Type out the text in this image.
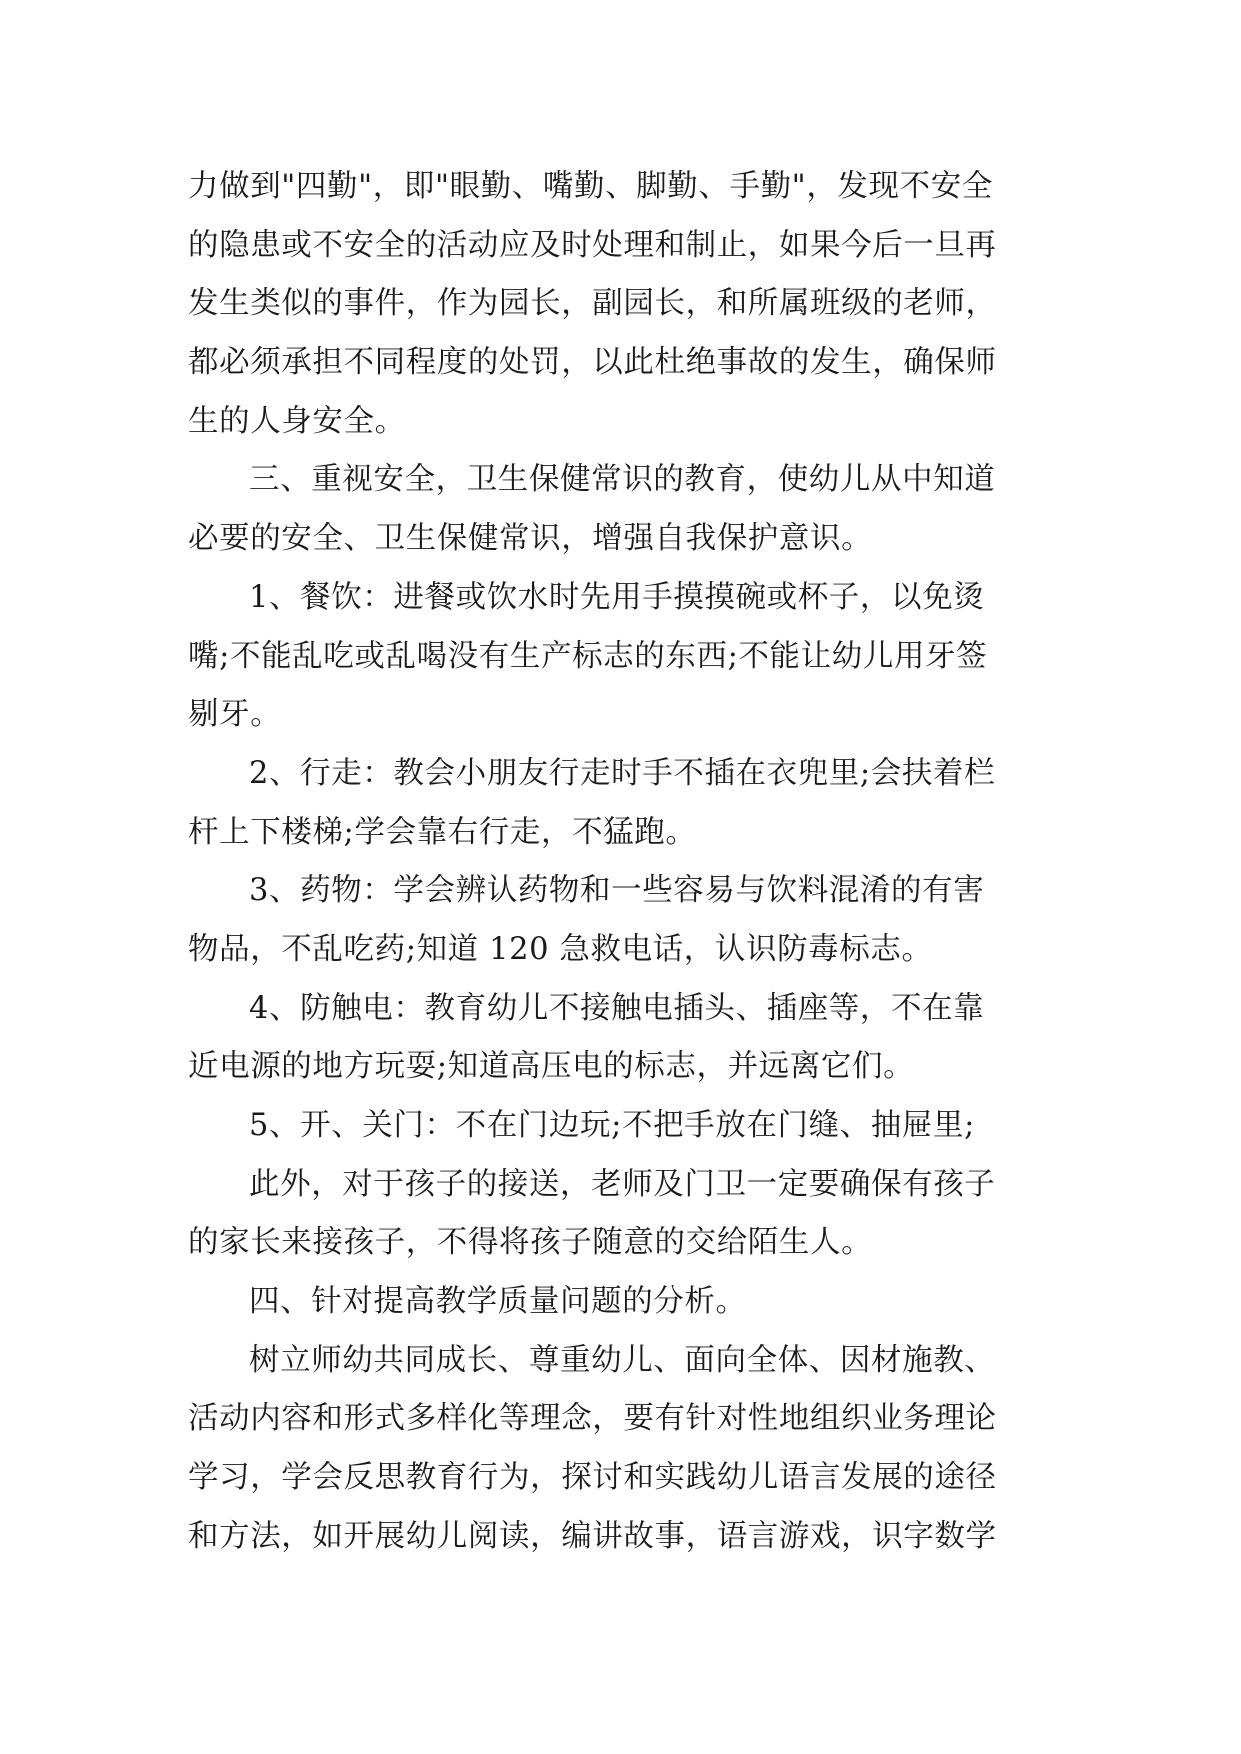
力做到"四勤"，即"眼勤、嘴勤、脚勤、手勤"，发现不安全
的隐患或不安全的活动应及时处理和制止，如果今后一旦再
发生类似的事件，作为园长，副园长，和所属班级的老师，
都必须承担不同程度的处罚，以此杜绝事故的发生，确保师
生的人身安全。
三、重视安全，卫生保健常识的教育，使幼儿从中知道
必要的安全、卫生保健常识，增强自我保护意识。
1、餐饮：进餐或饮水时先用手摸摸碗或杯子，以免烫
嘴;不能乱吃或乱喝没有生产标志的东西;不能让幼儿用牙签
剔牙。
2、行走：教会小朋友行走时手不插在衣兜里;会扶着栏
杆上下楼梯;学会靠右行走，不猛跑。
3、药物：学会辨认药物和一些容易与饮料混淆的有害
物品，不乱吃药;知道 120 急救电话，认识防毒标志。
4、防触电：教育幼儿不接触电插头、插座等，不在靠
近电源的地方玩耍;知道高压电的标志，并远离它们。
5、开、关门：不在门边玩;不把手放在门缝、抽屉里;
此外，对于孩子的接送，老师及门卫一定要确保有孩子
的家长来接孩子，不得将孩子随意的交给陌生人。
四、针对提高教学质量问题的分析。
树立师幼共同成长、尊重幼儿、面向全体、因材施教、
活动内容和形式多样化等理念，要有针对性地组织业务理论
学习，学会反思教育行为，探讨和实践幼儿语言发展的途径
和方法，如开展幼儿阅读，编讲故事，语言游戏，识字数学
